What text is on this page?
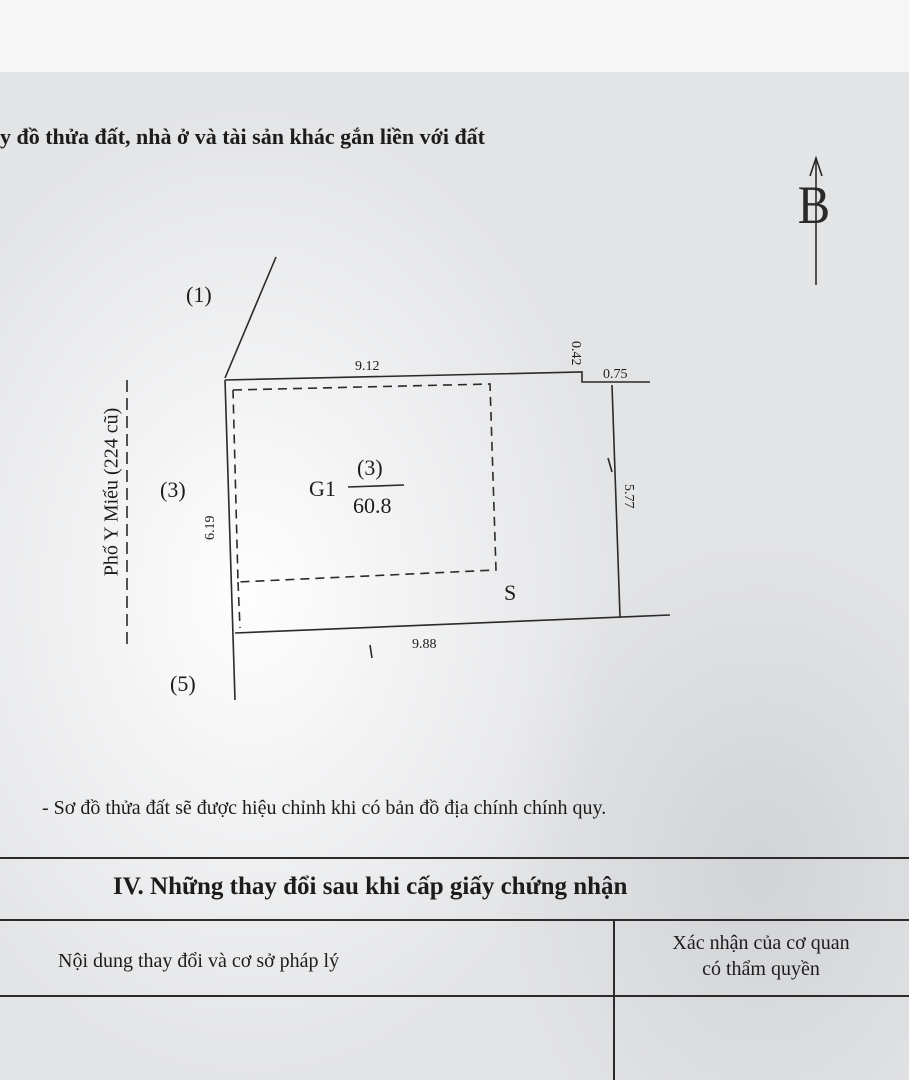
y đồ thửa đất, nhà ở và tài sản khác gắn liền với đất
B
(1)
(3)
(5)
Phố Y Miếu (224 cũ)	G1
(3)
60.8
S
9.12
0.42
0.75
5.77
6.19
9.88
- Sơ đồ thửa đất sẽ được hiệu chỉnh khi có bản đồ địa chính chính quy.
IV. Những thay đổi sau khi cấp giấy chứng nhận
Nội dung thay đổi và cơ sở pháp lý
Xác nhận của cơ quan
có thẩm quyền
